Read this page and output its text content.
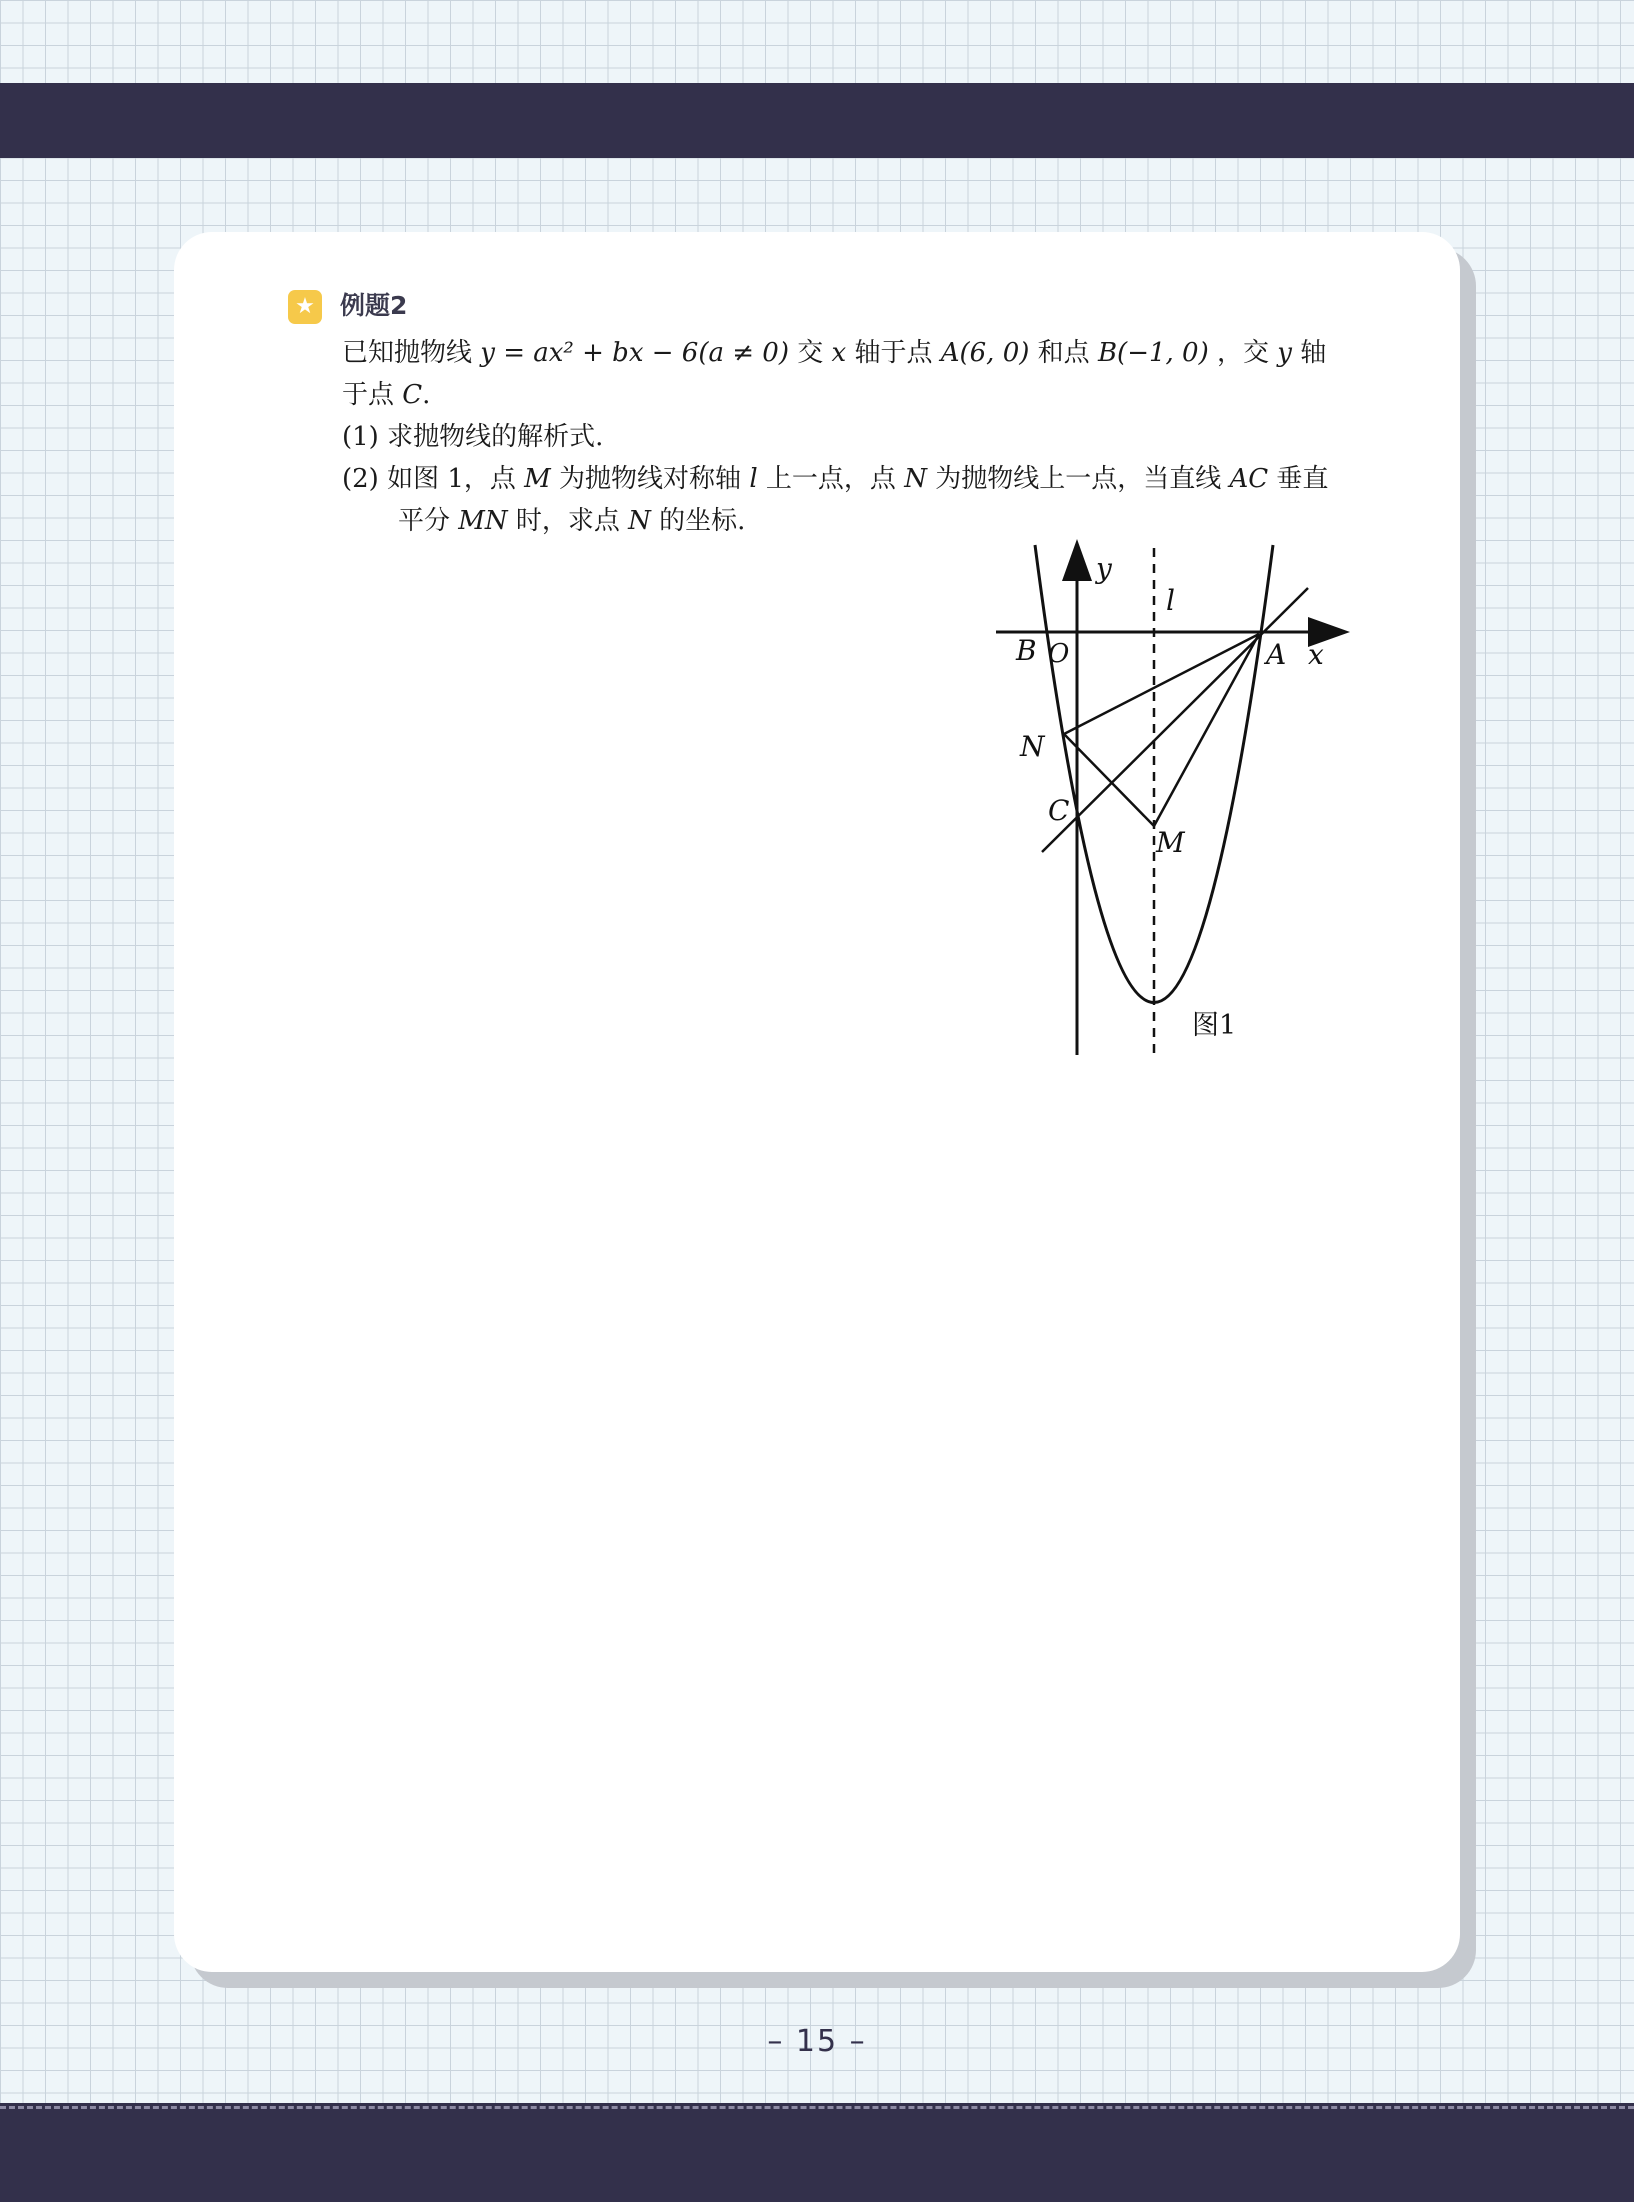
★ 例题2

已知抛物线 y = ax² + bx − 6(a ≠ 0) 交 x 轴于点 A(6, 0) 和点 B(−1, 0) ，交 y 轴于点 C.

(1) 求抛物线的解析式.

(2) 如图 1，点 M 为抛物线对称轴 l 上一点，点 N 为抛物线上一点，当直线 AC 垂直平分 MN 时，求点 N 的坐标.

y
l
B O	A x
N
C
M
图1
– 15 –
